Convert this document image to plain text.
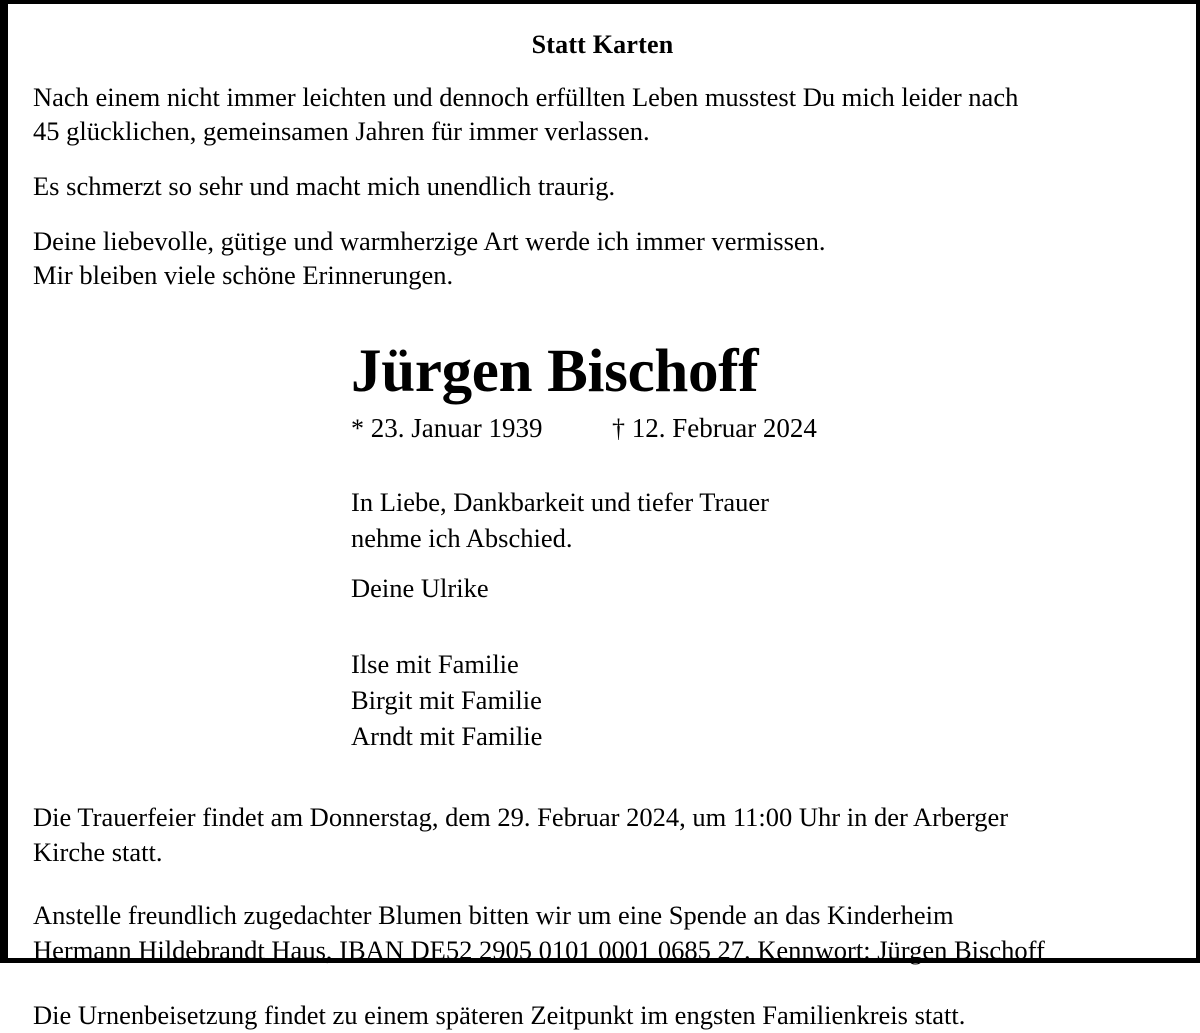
Statt Karten
Nach einem nicht immer leichten und dennoch erfüllten Leben musstest Du mich leider nach
45 glücklichen, gemeinsamen Jahren für immer verlassen.
Es schmerzt so sehr und macht mich unendlich traurig.
Deine liebevolle, gütige und warmherzige Art werde ich immer vermissen.
Mir bleiben viele schöne Erinnerungen.
Jürgen Bischoff
* 23. Januar 1939	† 12. Februar 2024
In Liebe, Dankbarkeit und tiefer Trauer
nehme ich Abschied.
Deine Ulrike
Ilse mit Familie
Birgit mit Familie
Arndt mit Familie
Die Trauerfeier findet am Donnerstag, dem 29. Februar 2024, um 11:00 Uhr in der Arberger
Kirche statt.
Anstelle freundlich zugedachter Blumen bitten wir um eine Spende an das Kinderheim
Hermann Hildebrandt Haus, IBAN DE52 2905 0101 0001 0685 27. Kennwort: Jürgen Bischoff
Die Urnenbeisetzung findet zu einem späteren Zeitpunkt im engsten Familienkreis statt.
